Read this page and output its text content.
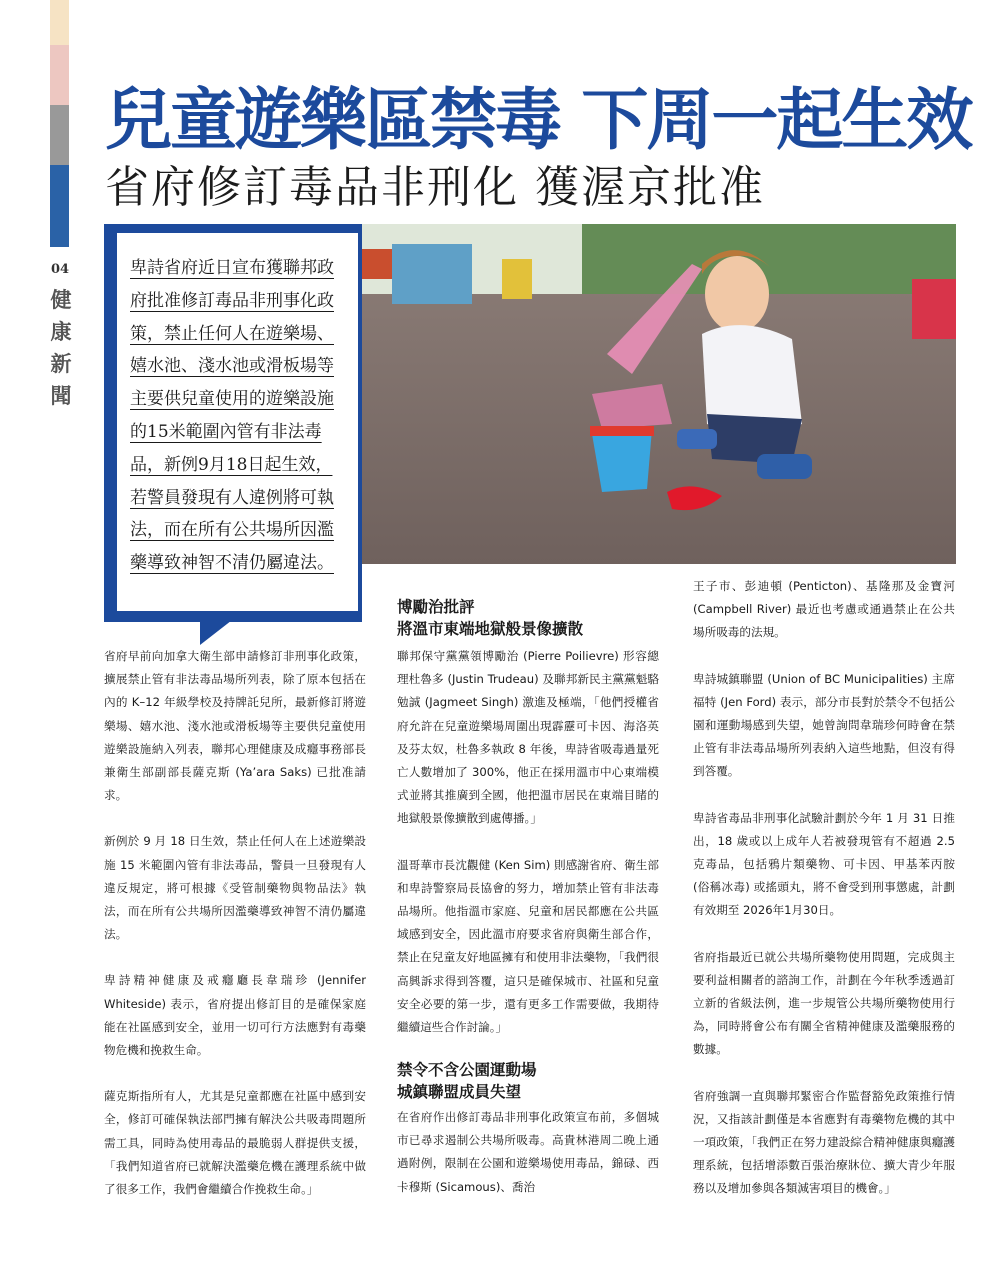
04
健康新聞
兒童遊樂區禁毒 下周一起生效
省府修訂毒品非刑化 獲渥京批准
卑詩省府近日宣布獲聯邦政府批准修訂毒品非刑事化政策，禁止任何人在遊樂場、嬉水池、淺水池或滑板場等主要供兒童使用的遊樂設施的15米範圍內管有非法毒品，新例9月18日起生效，若警員發現有人違例將可執法，而在所有公共場所因濫藥導致神智不清仍屬違法。

省府早前向加拿大衛生部申請修訂非刑事化政策，擴展禁止管有非法毒品場所列表，除了原本包括在內的 K–12 年級學校及持牌託兒所，最新修訂將遊樂場、嬉水池、淺水池或滑板場等主要供兒童使用遊樂設施納入列表，聯邦心理健康及成癮事務部長兼衛生部副部長薩克斯 (Ya’ara Saks) 已批准請求。

新例於 9 月 18 日生效，禁止任何人在上述遊樂設施 15 米範圍內管有非法毒品，警員一旦發現有人違反規定，將可根據《受管制藥物與物品法》執法，而在所有公共場所因濫藥導致神智不清仍屬違法。

卑詩精神健康及戒癮廳長韋瑞珍 (Jennifer Whiteside) 表示，省府提出修訂目的是確保家庭能在社區感到安全，並用一切可行方法應對有毒藥物危機和挽救生命。

薩克斯指所有人，尤其是兒童都應在社區中感到安全，修訂可確保執法部門擁有解決公共吸毒問題所需工具，同時為使用毒品的最脆弱人群提供支援，「我們知道省府已就解決濫藥危機在護理系統中做了很多工作，我們會繼續合作挽救生命。」

博勵治批評
將溫市東端地獄般景像擴散

聯邦保守黨黨領博勵治 (Pierre Poilievre) 形容總理杜魯多 (Justin Trudeau) 及聯邦新民主黨黨魁駱勉誠 (Jagmeet Singh) 激進及極端，「他們授權省府允許在兒童遊樂場周圍出現霹靂可卡因、海洛英及芬太奴，杜魯多執政 8 年後，卑詩省吸毒過量死亡人數增加了 300%，他正在採用溫市中心東端模式並將其推廣到全國，他把溫市居民在東端目睹的地獄般景像擴散到處傳播。」

溫哥華市長沈觀健 (Ken Sim) 則感謝省府、衛生部和卑詩警察局長協會的努力，增加禁止管有非法毒品場所。他指溫市家庭、兒童和居民都應在公共區域感到安全，因此溫市府要求省府與衛生部合作，禁止在兒童友好地區擁有和使用非法藥物，「我們很高興訴求得到答覆，這只是確保城市、社區和兒童安全必要的第一步，還有更多工作需要做，我期待繼續這些合作討論。」

禁令不含公園運動場
城鎮聯盟成員失望

在省府作出修訂毒品非刑事化政策宣布前，多個城市已尋求遏制公共場所吸毒。高貴林港周二晚上通過附例，限制在公園和遊樂場使用毒品，錦碌、西卡穆斯 (Sicamous)、喬治

王子市、彭迪頓 (Penticton)、基隆那及金寶河 (Campbell River) 最近也考慮或通過禁止在公共場所吸毒的法規。

卑詩城鎮聯盟 (Union of BC Municipalities) 主席福特 (Jen Ford) 表示，部分市長對於禁令不包括公園和運動場感到失望，她曾詢問韋瑞珍何時會在禁止管有非法毒品場所列表納入這些地點，但沒有得到答覆。

卑詩省毒品非刑事化試驗計劃於今年 1 月 31 日推出，18 歲或以上成年人若被發現管有不超過 2.5 克毒品，包括鴉片類藥物、可卡因、甲基苯丙胺 (俗稱冰毒) 或搖頭丸，將不會受到刑事懲處，計劃有效期至 2026年1月30日。

省府指最近已就公共場所藥物使用問題，完成與主要利益相關者的諮詢工作，計劃在今年秋季透過訂立新的省級法例，進一步規管公共場所藥物使用行為，同時將會公布有關全省精神健康及濫藥服務的數據。

省府強調一直與聯邦緊密合作監督豁免政策推行情況，又指該計劃僅是本省應對有毒藥物危機的其中一項政策，「我們正在努力建設綜合精神健康與癮護理系統，包括增添數百張治療牀位、擴大青少年服務以及增加參與各類減害項目的機會。」
